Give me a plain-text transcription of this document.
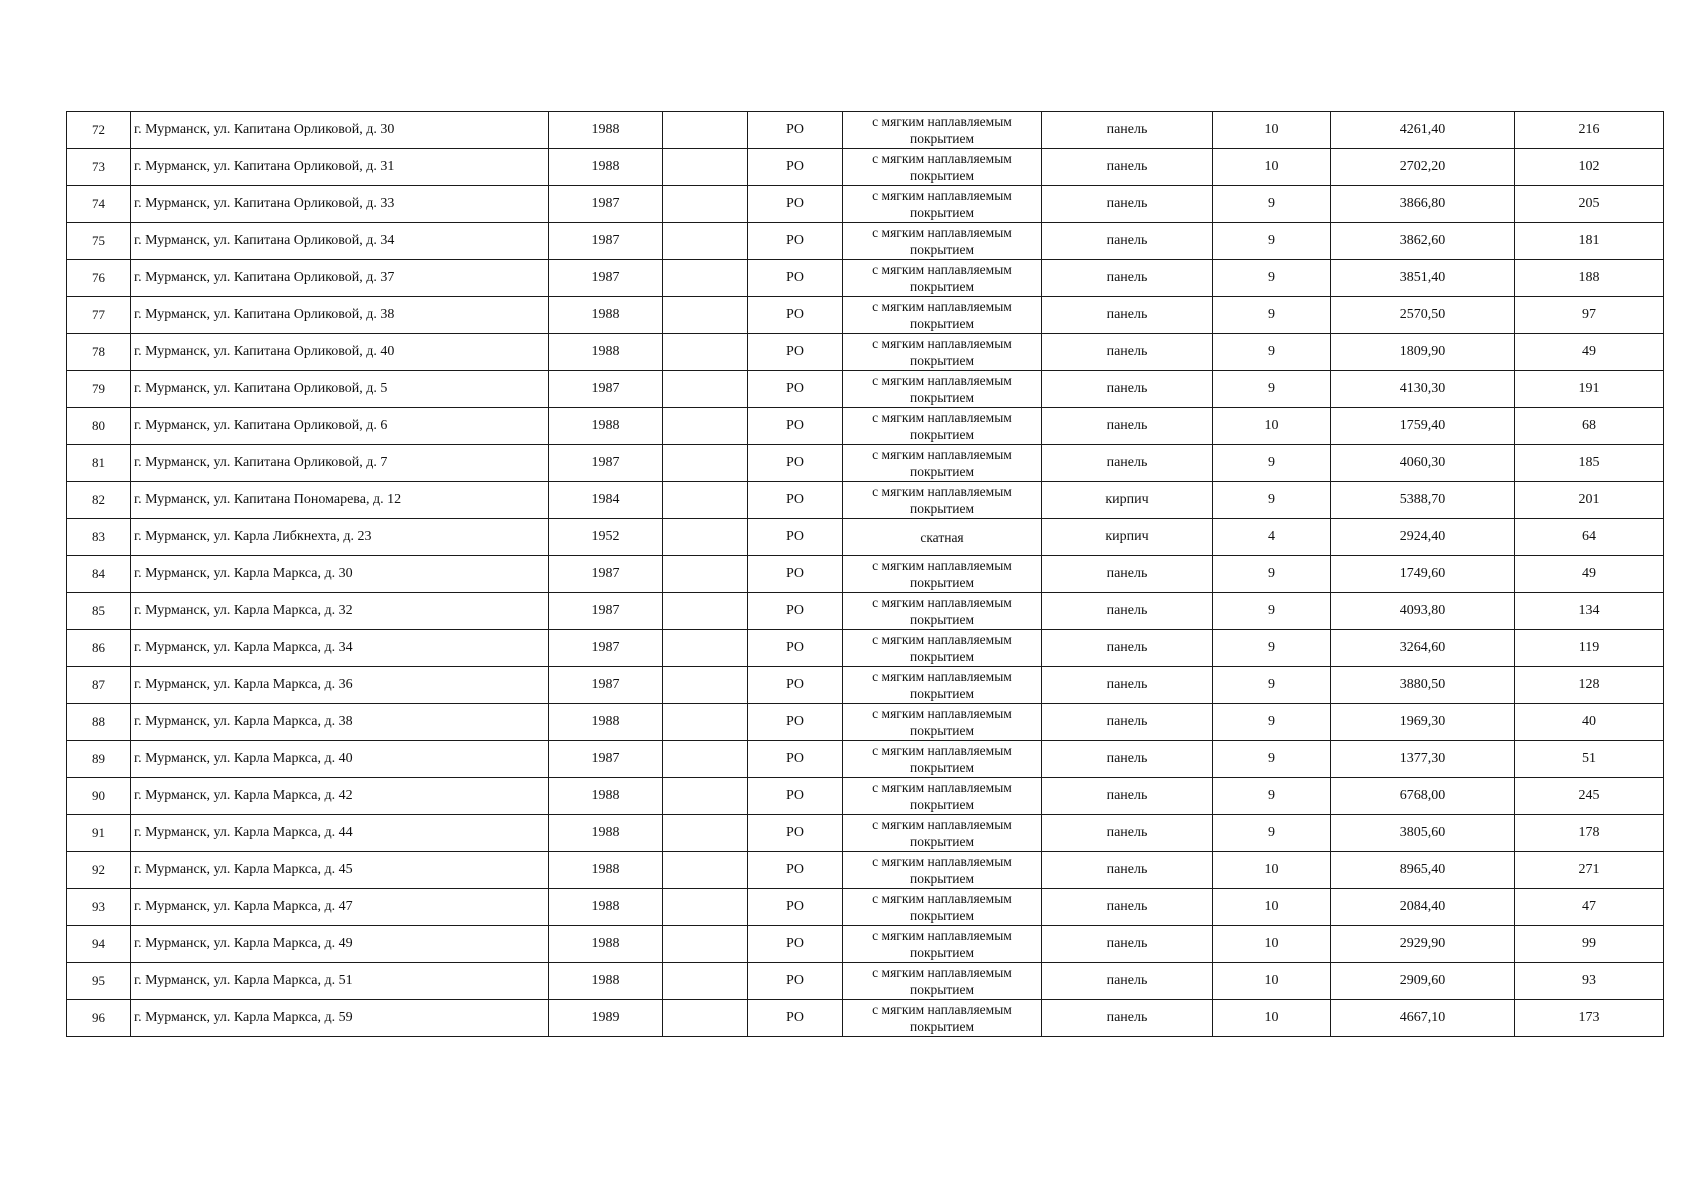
72	г. Мурманск, ул. Капитана Орликовой, д. 30	1988		РО	с мягким наплавляемым покрытием	панель	10	4261,40	216
73	г. Мурманск, ул. Капитана Орликовой, д. 31	1988		РО	с мягким наплавляемым покрытием	панель	10	2702,20	102
74	г. Мурманск, ул. Капитана Орликовой, д. 33	1987		РО	с мягким наплавляемым покрытием	панель	9	3866,80	205
75	г. Мурманск, ул. Капитана Орликовой, д. 34	1987		РО	с мягким наплавляемым покрытием	панель	9	3862,60	181
76	г. Мурманск, ул. Капитана Орликовой, д. 37	1987		РО	с мягким наплавляемым покрытием	панель	9	3851,40	188
77	г. Мурманск, ул. Капитана Орликовой, д. 38	1988		РО	с мягким наплавляемым покрытием	панель	9	2570,50	97
78	г. Мурманск, ул. Капитана Орликовой, д. 40	1988		РО	с мягким наплавляемым покрытием	панель	9	1809,90	49
79	г. Мурманск, ул. Капитана Орликовой, д. 5	1987		РО	с мягким наплавляемым покрытием	панель	9	4130,30	191
80	г. Мурманск, ул. Капитана Орликовой, д. 6	1988		РО	с мягким наплавляемым покрытием	панель	10	1759,40	68
81	г. Мурманск, ул. Капитана Орликовой, д. 7	1987		РО	с мягким наплавляемым покрытием	панель	9	4060,30	185
82	г. Мурманск, ул. Капитана Пономарева, д. 12	1984		РО	с мягким наплавляемым покрытием	кирпич	9	5388,70	201
83	г. Мурманск, ул. Карла Либкнехта, д. 23	1952		РО	скатная	кирпич	4	2924,40	64
84	г. Мурманск, ул. Карла Маркса, д. 30	1987		РО	с мягким наплавляемым покрытием	панель	9	1749,60	49
85	г. Мурманск, ул. Карла Маркса, д. 32	1987		РО	с мягким наплавляемым покрытием	панель	9	4093,80	134
86	г. Мурманск, ул. Карла Маркса, д. 34	1987		РО	с мягким наплавляемым покрытием	панель	9	3264,60	119
87	г. Мурманск, ул. Карла Маркса, д. 36	1987		РО	с мягким наплавляемым покрытием	панель	9	3880,50	128
88	г. Мурманск, ул. Карла Маркса, д. 38	1988		РО	с мягким наплавляемым покрытием	панель	9	1969,30	40
89	г. Мурманск, ул. Карла Маркса, д. 40	1987		РО	с мягким наплавляемым покрытием	панель	9	1377,30	51
90	г. Мурманск, ул. Карла Маркса, д. 42	1988		РО	с мягким наплавляемым покрытием	панель	9	6768,00	245
91	г. Мурманск, ул. Карла Маркса, д. 44	1988		РО	с мягким наплавляемым покрытием	панель	9	3805,60	178
92	г. Мурманск, ул. Карла Маркса, д. 45	1988		РО	с мягким наплавляемым покрытием	панель	10	8965,40	271
93	г. Мурманск, ул. Карла Маркса, д. 47	1988		РО	с мягким наплавляемым покрытием	панель	10	2084,40	47
94	г. Мурманск, ул. Карла Маркса, д. 49	1988		РО	с мягким наплавляемым покрытием	панель	10	2929,90	99
95	г. Мурманск, ул. Карла Маркса, д. 51	1988		РО	с мягким наплавляемым покрытием	панель	10	2909,60	93
96	г. Мурманск, ул. Карла Маркса, д. 59	1989		РО	с мягким наплавляемым покрытием	панель	10	4667,10	173
